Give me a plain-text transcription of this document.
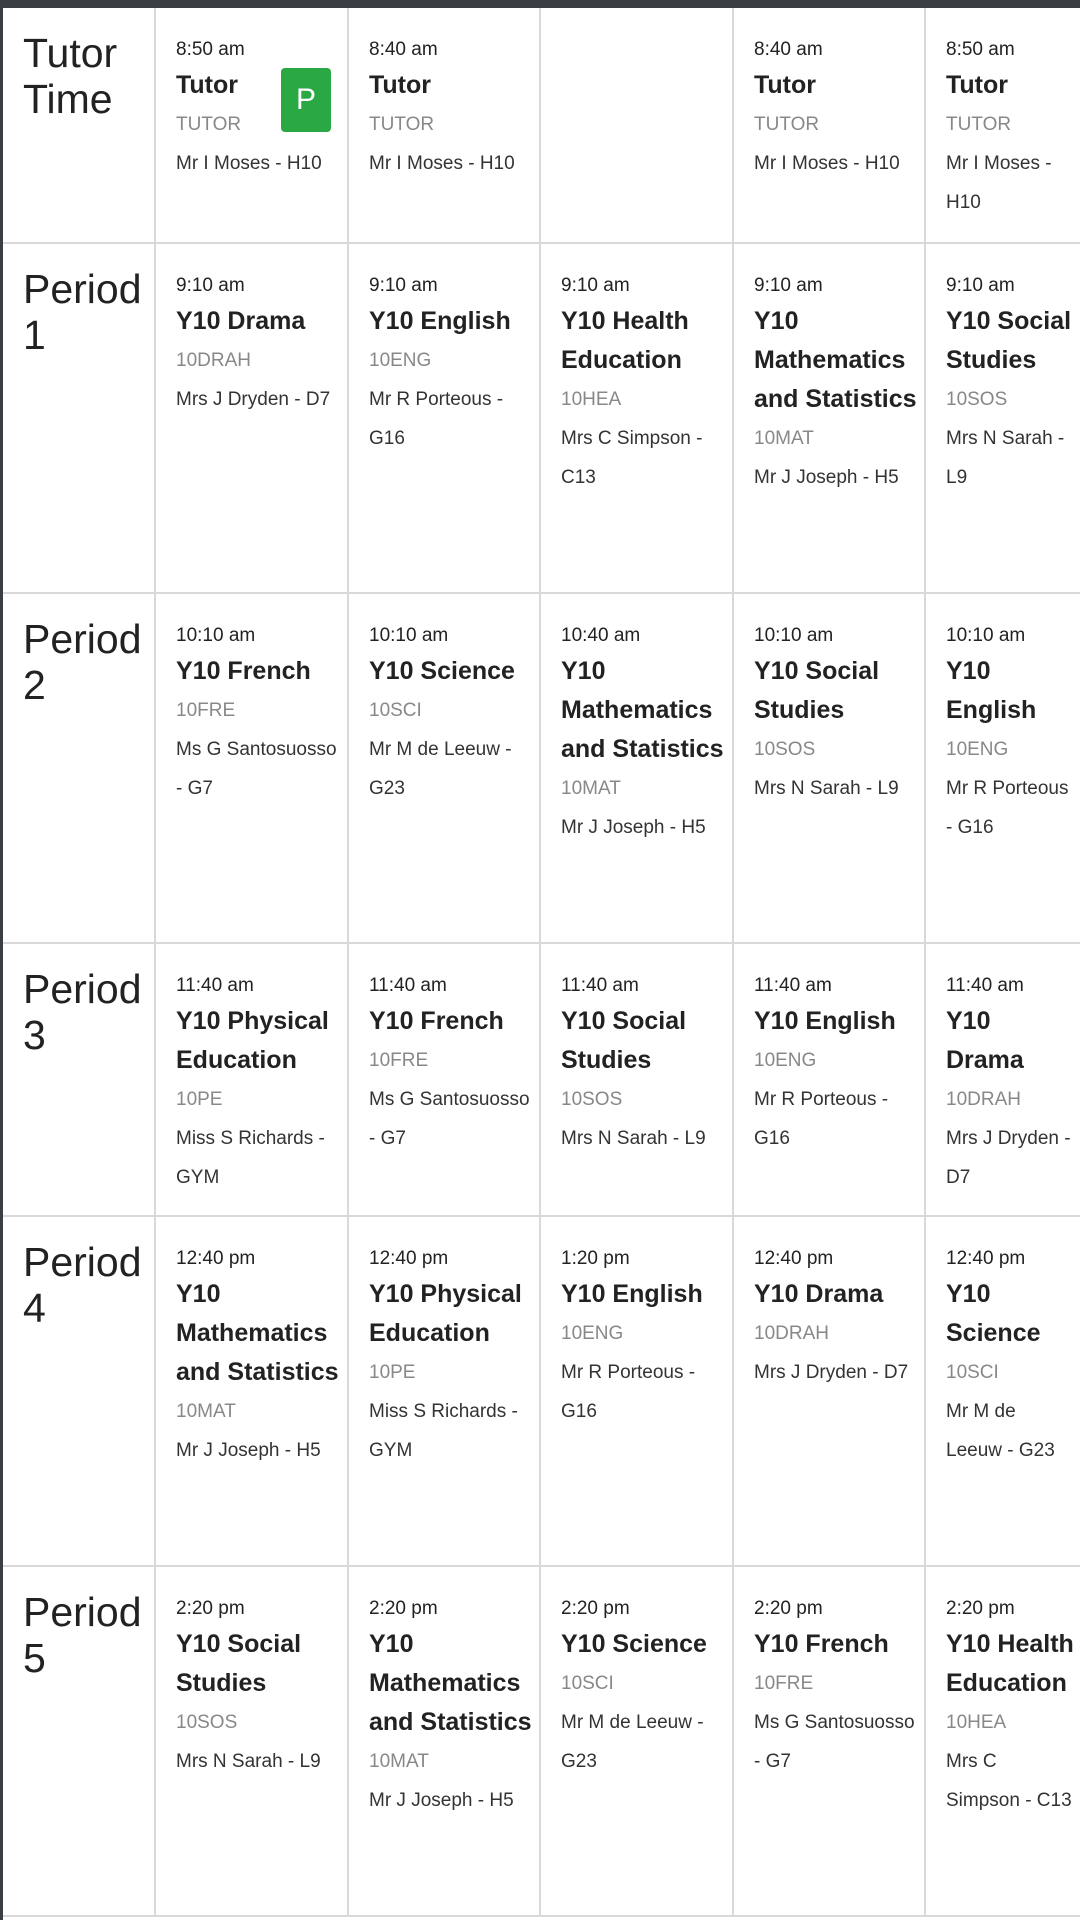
Tutor Time
8:50 am
Tutor
TUTOR
Mr I Moses - H10
P
8:40 am
Tutor
TUTOR
Mr I Moses - H10
8:40 am
Tutor
TUTOR
Mr I Moses - H10
8:50 am
Tutor
TUTOR
Mr I Moses - H10
Period 1
9:10 am
Y10 Drama
10DRAH
Mrs J Dryden - D7
9:10 am
Y10 English
10ENG
Mr R Porteous - G16
9:10 am
Y10 Health Education
10HEA
Mrs C Simpson - C13
9:10 am
Y10 Mathematics and Statistics
10MAT
Mr J Joseph - H5
9:10 am
Y10 Social Studies
10SOS
Mrs N Sarah - L9
Period 2
10:10 am
Y10 French
10FRE
Ms G Santosuosso - G7
10:10 am
Y10 Science
10SCI
Mr M de Leeuw - G23
10:40 am
Y10 Mathematics and Statistics
10MAT
Mr J Joseph - H5
10:10 am
Y10 Social Studies
10SOS
Mrs N Sarah - L9
10:10 am
Y10 English
10ENG
Mr R Porteous - G16
Period 3
11:40 am
Y10 Physical Education
10PE
Miss S Richards - GYM
11:40 am
Y10 French
10FRE
Ms G Santosuosso - G7
11:40 am
Y10 Social Studies
10SOS
Mrs N Sarah - L9
11:40 am
Y10 English
10ENG
Mr R Porteous - G16
11:40 am
Y10 Drama
10DRAH
Mrs J Dryden - D7
Period 4
12:40 pm
Y10 Mathematics and Statistics
10MAT
Mr J Joseph - H5
12:40 pm
Y10 Physical Education
10PE
Miss S Richards - GYM
1:20 pm
Y10 English
10ENG
Mr R Porteous - G16
12:40 pm
Y10 Drama
10DRAH
Mrs J Dryden - D7
12:40 pm
Y10 Science
10SCI
Mr M de Leeuw - G23
Period 5
2:20 pm
Y10 Social Studies
10SOS
Mrs N Sarah - L9
2:20 pm
Y10 Mathematics and Statistics
10MAT
Mr J Joseph - H5
2:20 pm
Y10 Science
10SCI
Mr M de Leeuw - G23
2:20 pm
Y10 French
10FRE
Ms G Santosuosso - G7
2:20 pm
Y10 Health Education
10HEA
Mrs C Simpson - C13
